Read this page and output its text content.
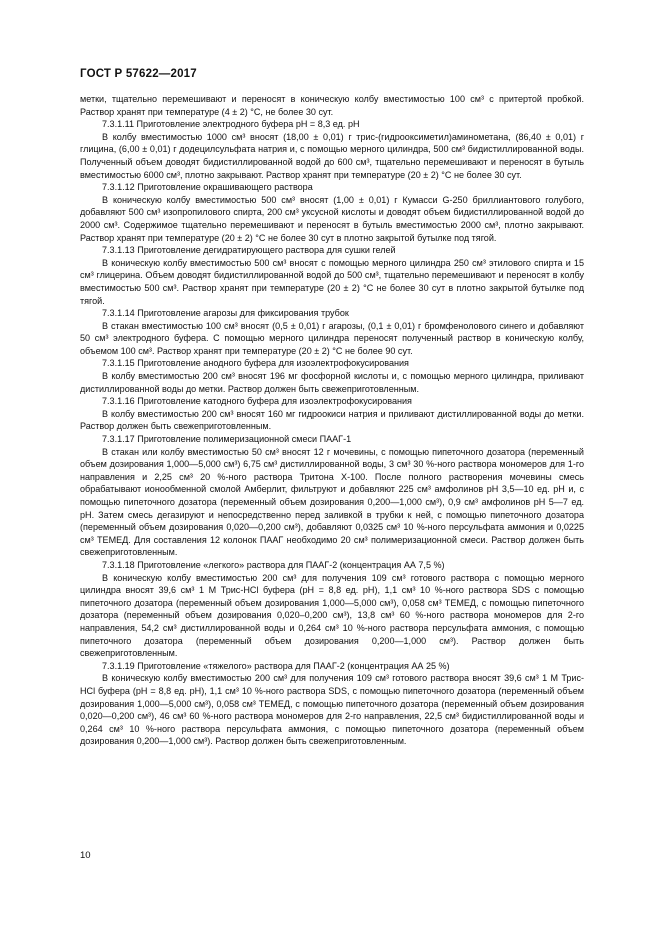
ГОСТ Р 57622—2017

метки, тщательно перемешивают и переносят в коническую колбу вместимостью 100 см³ с притертой пробкой. Раствор хранят при температуре (4 ± 2) °С, не более 30 сут.

7.3.1.11 Приготовление электродного буфера рН = 8,3 ед. рН

В колбу вместимостью 1000 см³ вносят (18,00 ± 0,01) г трис-(гидрооксиметил)аминометана, (86,40 ± 0,01) г глицина, (6,00 ± 0,01) г додецилсульфата натрия и, с помощью мерного цилиндра, 500 см³ бидистиллированной воды. Полученный объем доводят бидистиллированной водой до 600 см³, тщательно перемешивают и переносят в бутыль вместимостью 6000 см³, плотно закрывают. Раствор хранят при температуре (20 ± 2) °С не более 30 сут.

7.3.1.12 Приготовление окрашивающего раствора

В коническую колбу вместимостью 500 см³ вносят (1,00 ± 0,01) г Кумасси G-250 бриллиантового голубого, добавляют 500 см³ изопропилового спирта, 200 см³ уксусной кислоты и доводят объем бидистиллированной водой до 2000 см³. Содержимое тщательно перемешивают и переносят в бутыль вместимостью 2000 см³, плотно закрывают. Раствор хранят при температуре (20 ± 2) °С не более 30 сут в плотно закрытой бутылке под тягой.

7.3.1.13 Приготовление дегидратирующего раствора для сушки гелей

В коническую колбу вместимостью 500 см³ вносят с помощью мерного цилиндра 250 см³ этилового спирта и 15 см³ глицерина. Объем доводят бидистиллированной водой до 500 см³, тщательно перемешивают и переносят в колбу вместимостью 500 см³. Раствор хранят при температуре (20 ± 2) °С не более 30 сут в плотно закрытой бутылке под тягой.

7.3.1.14 Приготовление агарозы для фиксирования трубок

В стакан вместимостью 100 см³ вносят (0,5 ± 0,01) г агарозы, (0,1 ± 0,01) г бромфенолового синего и добавляют 50 см³ электродного буфера. С помощью мерного цилиндра переносят полученный раствор в коническую колбу, объемом 100 см³. Раствор хранят при температуре (20 ± 2) °С не более 90 сут.

7.3.1.15 Приготовление анодного буфера для изоэлектрофокусирования

В колбу вместимостью 200 см³ вносят 196 мг фосфорной кислоты и, с помощью мерного цилиндра, приливают дистиллированной воды до метки. Раствор должен быть свежеприготовленным.

7.3.1.16 Приготовление катодного буфера для изоэлектрофокусирования

В колбу вместимостью 200 см³ вносят 160 мг гидроокиси натрия и приливают дистиллированной воды до метки. Раствор должен быть свежеприготовленным.

7.3.1.17 Приготовление полимеризационной смеси ПААГ-1

В стакан или колбу вместимостью 50 см³ вносят 12 г мочевины, с помощью пипеточного дозатора (переменный объем дозирования 1,000—5,000 см³) 6,75 см³ дистиллированной воды, 3 см³ 30 %-ного раствора мономеров для 1-го направления и 2,25 см³ 20 %-ного раствора Тритона Х-100. После полного растворения мочевины смесь обрабатывают ионообменной смолой Амберлит, фильтруют и добавляют 225 см³ амфолинов рН 3,5—10 ед. рН и, с помощью пипеточного дозатора (переменный объем дозирования 0,200—1,000 см³), 0,9 см³ амфолинов рН 5—7 ед. рН. Затем смесь дегазируют и непосредственно перед заливкой в трубки к ней, с помощью пипеточного дозатора (переменный объем дозирования 0,020—0,200 см³), добавляют 0,0325 см³ 10 %-ного персульфата аммония и 0,0225 см³ ТЕМЕД. Для составления 12 колонок ПААГ необходимо 20 см³ полимеризационной смеси. Раствор должен быть свежеприготовленным.

7.3.1.18 Приготовление «легкого» раствора для ПААГ-2 (концентрация АА 7,5 %)

В коническую колбу вместимостью 200 см³ для получения 109 см³ готового раствора с помощью мерного цилиндра вносят 39,6 см³ 1 М Трис-HCl буфера (рН = 8,8 ед. рН), 1,1 см³ 10 %-ного раствора SDS с помощью пипеточного дозатора (переменный объем дозирования 1,000—5,000 см³), 0,058 см³ ТЕМЕД, с помощью пипеточного дозатора (переменный объем дозирования 0,020–0,200 см³), 13,8 см³ 60 %-ного раствора мономеров для 2-го направления, 54,2 см³ дистиллированной воды и 0,264 см³ 10 %-ного раствора персульфата аммония, с помощью пипеточного дозатора (переменный объем дозирования 0,200—1,000 см³). Раствор должен быть свежеприготовленным.

7.3.1.19 Приготовление «тяжелого» раствора для ПААГ-2 (концентрация АА 25 %)

В коническую колбу вместимостью 200 см³ для получения 109 см³ готового раствора вносят 39,6 см³ 1 М Трис-HCl буфера (рН = 8,8 ед. рН), 1,1 см³ 10 %-ного раствора SDS, с помощью пипеточного дозатора (переменный объем дозирования 1,000—5,000 см³), 0,058 см³ ТЕМЕД, с помощью пипеточного дозатора (переменный объем дозирования 0,020—0,200 см³), 46 см³ 60 %-ного раствора мономеров для 2-го направления, 22,5 см³ бидистиллированной воды и 0,264 см³ 10 %-ного раствора персульфата аммония, с помощью пипеточного дозатора (переменный объем дозирования 0,200—1,000 см³). Раствор должен быть свежеприготовленным.

10
